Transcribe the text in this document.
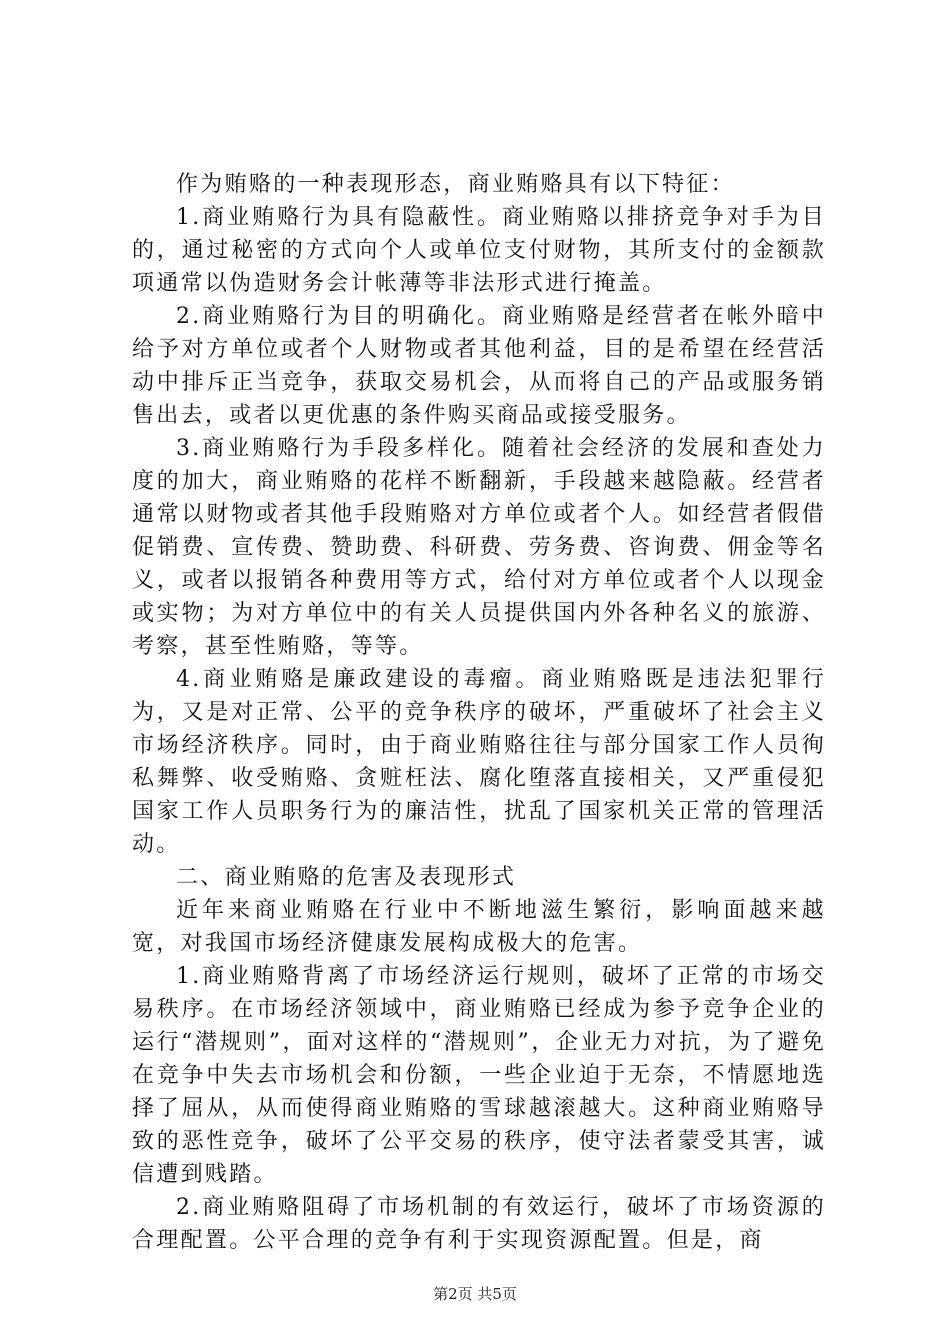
作为贿赂的一种表现形态，商业贿赂具有以下特征：

1.商业贿赂行为具有隐蔽性。商业贿赂以排挤竞争对手为目的，通过秘密的方式向个人或单位支付财物，其所支付的金额款项通常以伪造财务会计帐薄等非法形式进行掩盖。

2.商业贿赂行为目的明确化。商业贿赂是经营者在帐外暗中给予对方单位或者个人财物或者其他利益，目的是希望在经营活动中排斥正当竞争，获取交易机会，从而将自己的产品或服务销售出去，或者以更优惠的条件购买商品或接受服务。

3.商业贿赂行为手段多样化。随着社会经济的发展和查处力度的加大，商业贿赂的花样不断翻新，手段越来越隐蔽。经营者通常以财物或者其他手段贿赂对方单位或者个人。如经营者假借促销费、宣传费、赞助费、科研费、劳务费、咨询费、佣金等名义，或者以报销各种费用等方式，给付对方单位或者个人以现金或实物；为对方单位中的有关人员提供国内外各种名义的旅游、考察，甚至性贿赂，等等。

4.商业贿赂是廉政建设的毒瘤。商业贿赂既是违法犯罪行为，又是对正常、公平的竞争秩序的破坏，严重破坏了社会主义市场经济秩序。同时，由于商业贿赂往往与部分国家工作人员徇私舞弊、收受贿赂、贪赃枉法、腐化堕落直接相关，又严重侵犯国家工作人员职务行为的廉洁性，扰乱了国家机关正常的管理活动。

二、商业贿赂的危害及表现形式

近年来商业贿赂在行业中不断地滋生繁衍，影响面越来越宽，对我国市场经济健康发展构成极大的危害。

1.商业贿赂背离了市场经济运行规则，破坏了正常的市场交易秩序。在市场经济领域中，商业贿赂已经成为参予竞争企业的运行“潜规则”，面对这样的“潜规则”，企业无力对抗，为了避免在竞争中失去市场机会和份额，一些企业迫于无奈，不情愿地选择了屈从，从而使得商业贿赂的雪球越滚越大。这种商业贿赂导致的恶性竞争，破坏了公平交易的秩序，使守法者蒙受其害，诚信遭到贱踏。

2.商业贿赂阻碍了市场机制的有效运行，破坏了市场资源的合理配置。公平合理的竞争有利于实现资源配置。但是，商

第2页 共5页
